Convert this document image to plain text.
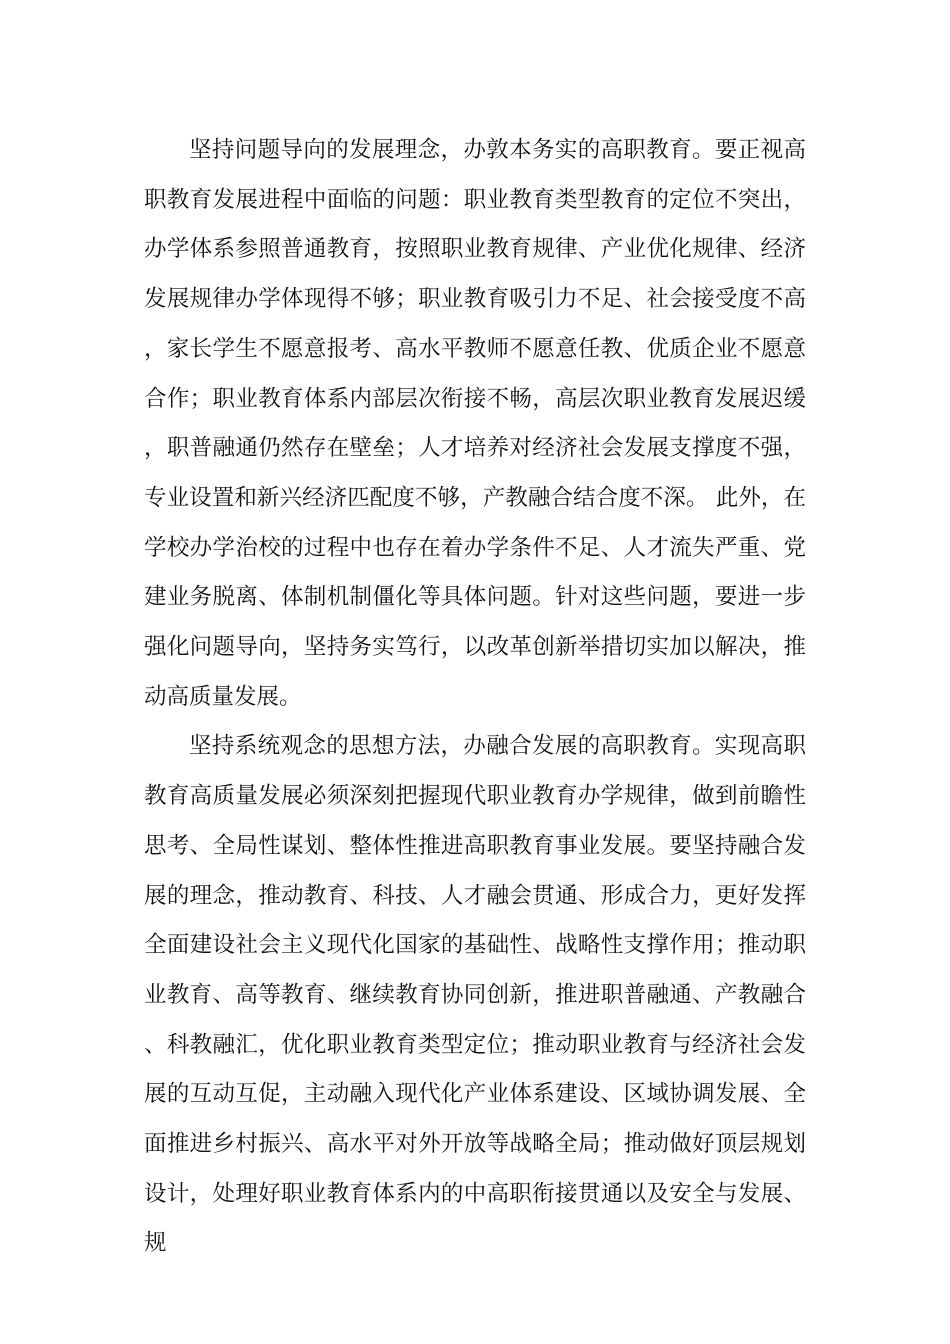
坚持问题导向的发展理念，办敦本务实的高职教育。要正视高职教育发展进程中面临的问题：职业教育类型教育的定位不突出，办学体系参照普通教育，按照职业教育规律、产业优化规律、经济发展规律办学体现得不够；职业教育吸引力不足、社会接受度不高，家长学生不愿意报考、高水平教师不愿意任教、优质企业不愿意合作；职业教育体系内部层次衔接不畅，高层次职业教育发展迟缓，职普融通仍然存在壁垒；人才培养对经济社会发展支撑度不强，专业设置和新兴经济匹配度不够，产教融合结合度不深。 此外，在学校办学治校的过程中也存在着办学条件不足、人才流失严重、党建业务脱离、体制机制僵化等具体问题。针对这些问题，要进一步强化问题导向，坚持务实笃行，以改革创新举措切实加以解决，推动高质量发展。

坚持系统观念的思想方法，办融合发展的高职教育。实现高职教育高质量发展必须深刻把握现代职业教育办学规律，做到前瞻性思考、全局性谋划、整体性推进高职教育事业发展。要坚持融合发展的理念，推动教育、科技、人才融会贯通、形成合力，更好发挥全面建设社会主义现代化国家的基础性、战略性支撑作用；推动职业教育、高等教育、继续教育协同创新，推进职普融通、产教融合、科教融汇，优化职业教育类型定位；推动职业教育与经济社会发展的互动互促，主动融入现代化产业体系建设、区域协调发展、全面推进乡村振兴、高水平对外开放等战略全局；推动做好顶层规划设计，处理好职业教育体系内的中高职衔接贯通以及安全与发展、规
